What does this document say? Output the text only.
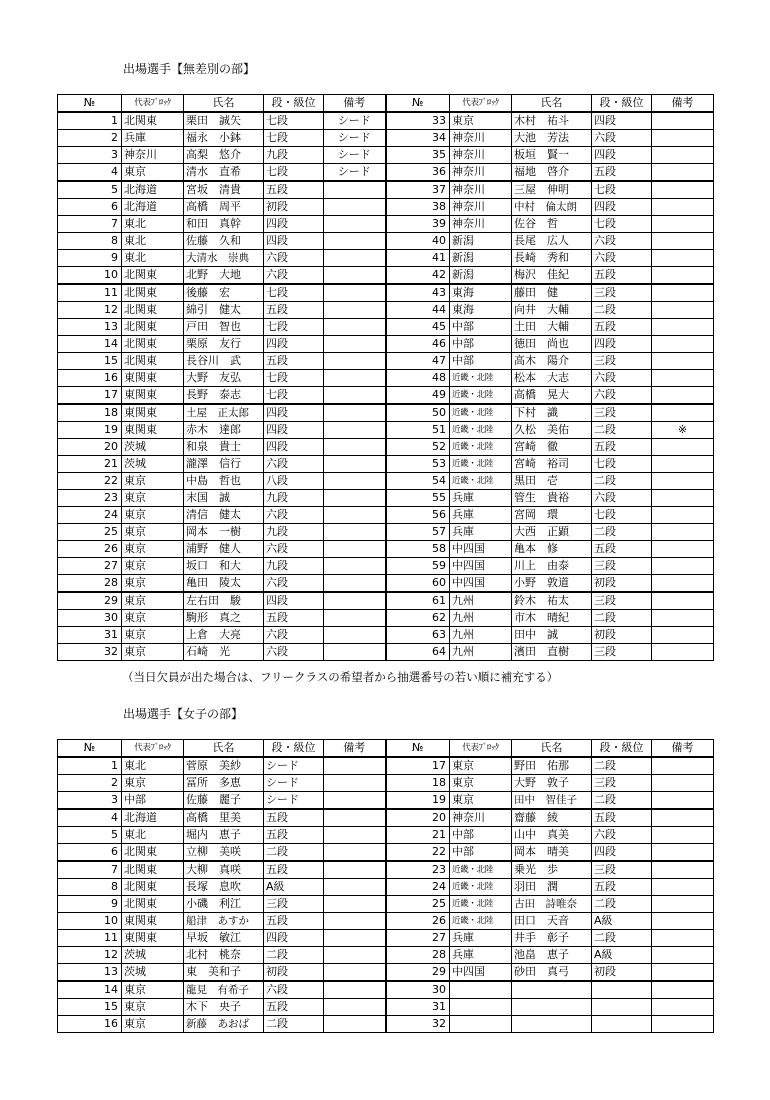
出場選手【無差別の部】
№	代表ﾌﾞﾛｯｸ	氏名	段・級位	備考	№	代表ﾌﾞﾛｯｸ	氏名	段・級位	備考
1	北関東	栗田　誠矢	七段	シード	33	東京	木村　祐斗	四段	
2	兵庫	福永　小鉢	七段	シード	34	神奈川	大池　芳法	六段	
3	神奈川	高梨　悠介	九段	シード	35	神奈川	板垣　賢一	四段	
4	東京	清水　直希	七段	シード	36	神奈川	福地　啓介	五段	
5	北海道	宮坂　清貴	五段		37	神奈川	三屋　伸明	七段	
6	北海道	高橋　周平	初段		38	神奈川	中村　倫太朗	四段	
7	東北	和田　真幹	四段		39	神奈川	佐谷　哲	七段	
8	東北	佐藤　久和	四段		40	新潟	長尾　広人	六段	
9	東北	大清水　崇典	六段		41	新潟	長崎　秀和	六段	
10	北関東	北野　大地	六段		42	新潟	梅沢　佳紀	五段	
11	北関東	後藤　宏	七段		43	東海	藤田　健	三段	
12	北関東	綿引　健太	五段		44	東海	向井　大輔	二段	
13	北関東	戸田　智也	七段		45	中部	土田　大輔	五段	
14	北関東	栗原　友行	四段		46	中部	徳田　尚也	四段	
15	北関東	長谷川　武	五段		47	中部	高木　陽介	三段	
16	東関東	大野　友弘	七段		48	近畿・北陸	松本　大志	六段	
17	東関東	長野　泰志	七段		49	近畿・北陸	高橋　晃大	六段	
18	東関東	土屋　正太郎	四段		50	近畿・北陸	下村　識	三段	
19	東関東	赤木　達郎	四段		51	近畿・北陸	久松　美佑	二段	※
20	茨城	和泉　貴士	四段		52	近畿・北陸	宮崎　徹	五段	
21	茨城	瀧澤　信行	六段		53	近畿・北陸	宮崎　裕司	七段	
22	東京	中島　哲也	八段		54	近畿・北陸	黒田　壱	二段	
23	東京	末国　誠	九段		55	兵庫	管生　貴裕	六段	
24	東京	清信　健太	六段		56	兵庫	宮岡　環	七段	
25	東京	岡本　一樹	九段		57	兵庫	大西　正顕	二段	
26	東京	浦野　健人	六段		58	中四国	亀本　修	五段	
27	東京	坂口　和大	九段		59	中四国	川上　由泰	三段	
28	東京	亀田　陵太	六段		60	中四国	小野　敦道	初段	
29	東京	左右田　駿	四段		61	九州	鈴木　祐太	三段	
30	東京	駒形　真之	五段		62	九州	市木　晴紀	二段	
31	東京	上倉　大亮	六段		63	九州	田中　誠	初段	
32	東京	石崎　光	六段		64	九州	濱田　直樹	三段	
（当日欠員が出た場合は、フリークラスの希望者から抽選番号の若い順に補充する）
出場選手【女子の部】
№	代表ﾌﾞﾛｯｸ	氏名	段・級位	備考	№	代表ﾌﾞﾛｯｸ	氏名	段・級位	備考
1	東北	菅原　美紗	シード		17	東京	野田　佑那	二段	
2	東京	冨所　多恵	シード		18	東京	大野　敦子	三段	
3	中部	佐藤　麗子	シード		19	東京	田中　智佳子	二段	
4	北海道	高橋　里美	五段		20	神奈川	齋藤　綾	五段	
5	東北	堀内　恵子	五段		21	中部	山中　真美	六段	
6	北関東	立柳　美咲	二段		22	中部	岡本　晴美	四段	
7	北関東	大柳　真咲	五段		23	近畿・北陸	乗光　歩	三段	
8	北関東	長塚　息吹	A級		24	近畿・北陸	羽田　潤	五段	
9	北関東	小磯　利江	三段		25	近畿・北陸	古田　詩唯奈	二段	
10	東関東	船津　あすか	五段		26	近畿・北陸	田口　天音	A級	
11	東関東	早坂　敏江	四段		27	兵庫	井手　彰子	二段	
12	茨城	北村　桃奈	二段		28	兵庫	池畠　恵子	A級	
13	茨城	東　美和子	初段		29	中四国	砂田　真弓	初段	
14	東京	龍見　有希子	六段		30				
15	東京	木下　央子	五段		31				
16	東京	新藤　あおば	二段		32				
